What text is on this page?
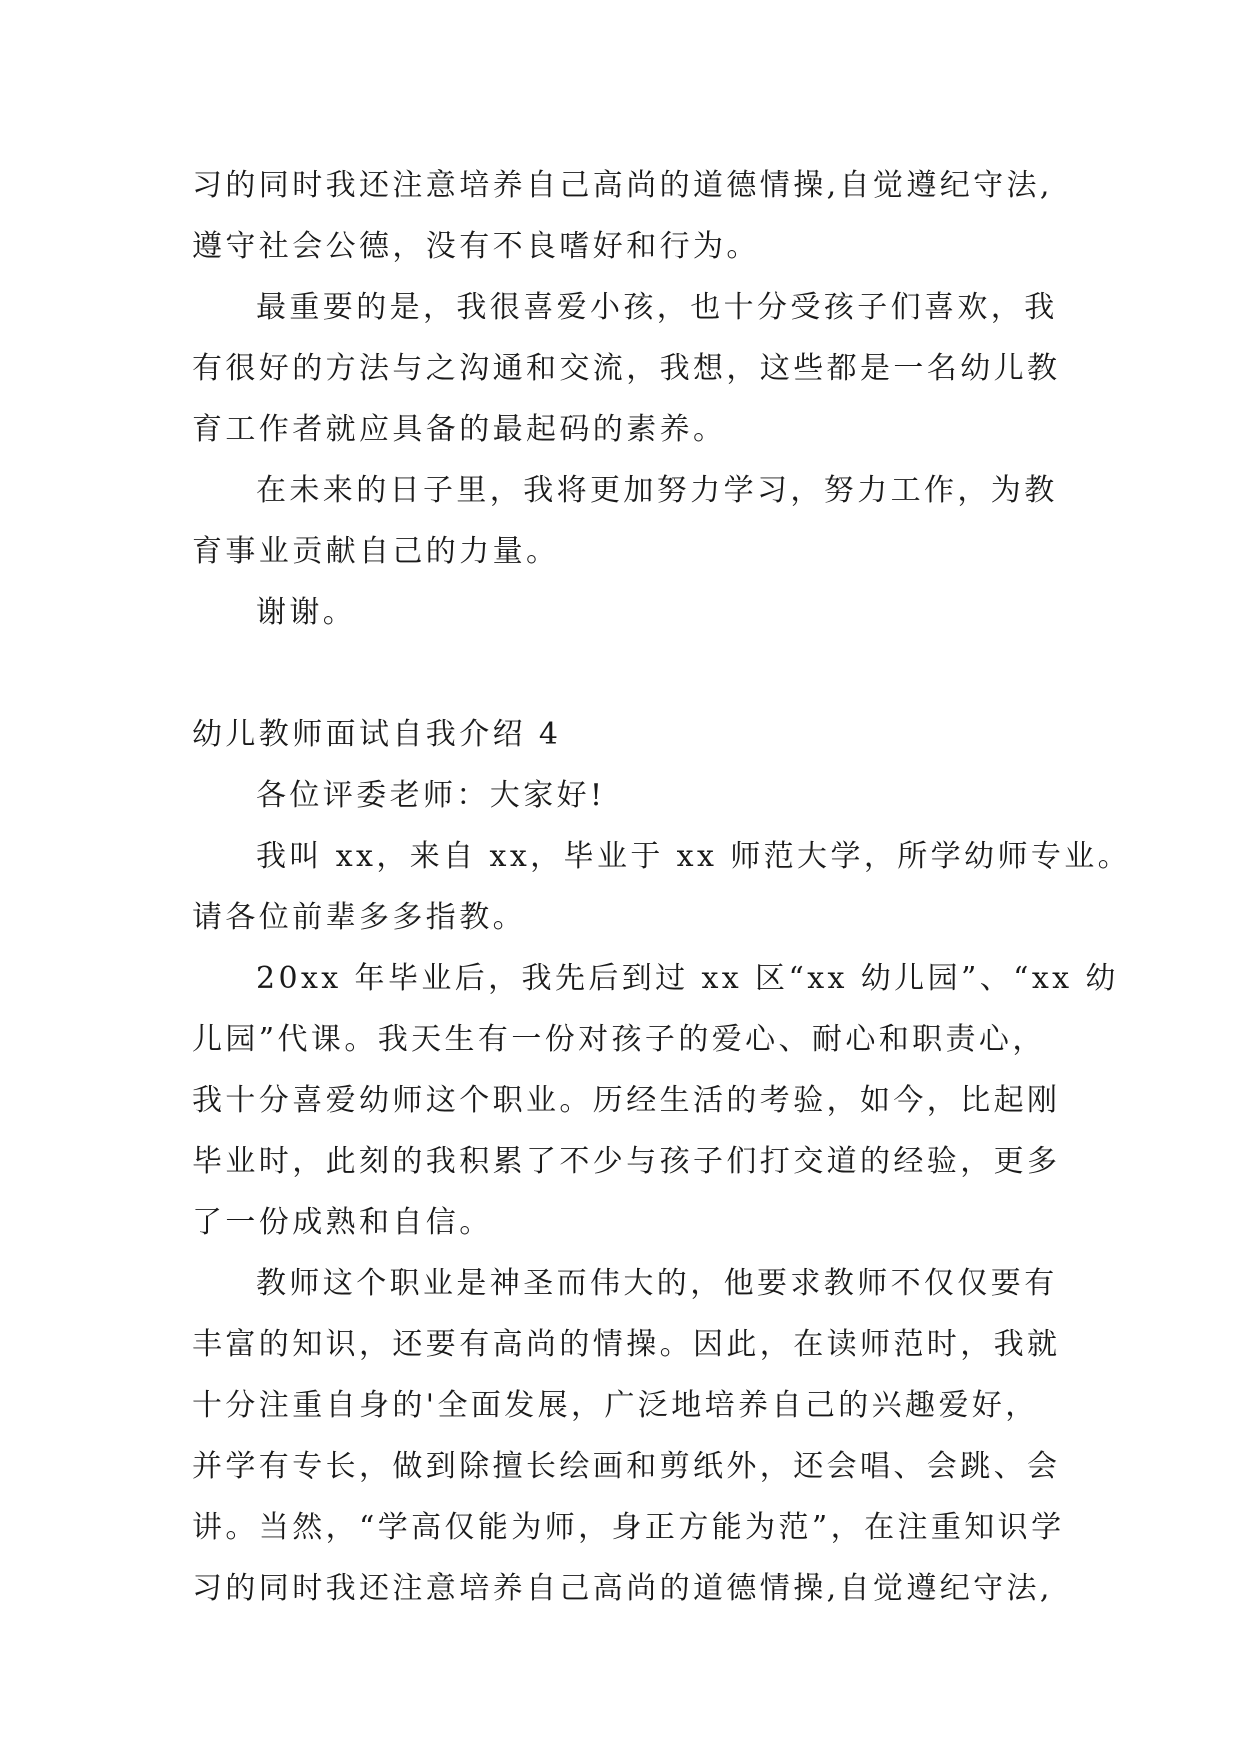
习的同时我还注意培养自己高尚的道德情操,自觉遵纪守法,
遵守社会公德，没有不良嗜好和行为。
最重要的是，我很喜爱小孩，也十分受孩子们喜欢，我
有很好的方法与之沟通和交流，我想，这些都是一名幼儿教
育工作者就应具备的最起码的素养。
在未来的日子里，我将更加努力学习，努力工作，为教
育事业贡献自己的力量。
谢谢。
幼儿教师面试自我介绍 4
各位评委老师：大家好!
我叫 xx，来自 xx，毕业于 xx 师范大学，所学幼师专业。
请各位前辈多多指教。
20xx 年毕业后，我先后到过 xx 区“xx 幼儿园”、“xx 幼
儿园”代课。我天生有一份对孩子的爱心、耐心和职责心，
我十分喜爱幼师这个职业。历经生活的考验，如今，比起刚
毕业时，此刻的我积累了不少与孩子们打交道的经验，更多
了一份成熟和自信。
教师这个职业是神圣而伟大的，他要求教师不仅仅要有
丰富的知识，还要有高尚的情操。因此，在读师范时，我就
十分注重自身的'全面发展，广泛地培养自己的兴趣爱好，
并学有专长，做到除擅长绘画和剪纸外，还会唱、会跳、会
讲。当然，“学高仅能为师，身正方能为范”，在注重知识学
习的同时我还注意培养自己高尚的道德情操,自觉遵纪守法,
